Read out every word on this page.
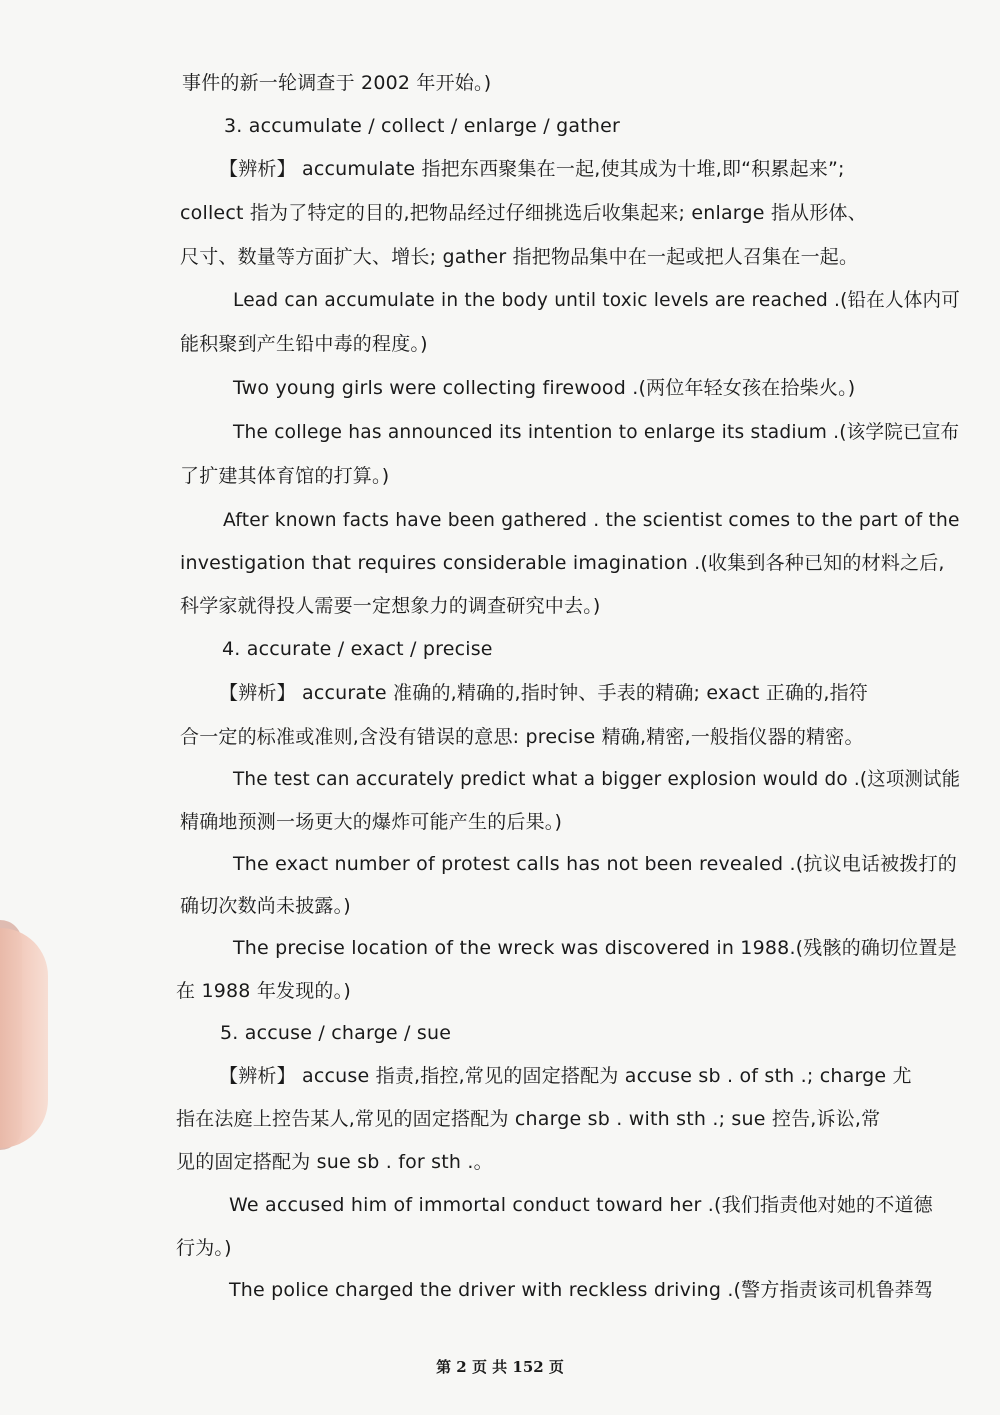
事件的新一轮调查于 2002 年开始。)
3. accumulate / collect / enlarge / gather
【辨析】 accumulate 指把东西聚集在一起,使其成为十堆,即“积累起来”;
collect 指为了特定的目的,把物品经过仔细挑选后收集起来; enlarge 指从形体、
尺寸、数量等方面扩大、增长; gather 指把物品集中在一起或把人召集在一起。
Lead can accumulate in the body until toxic levels are reached .(铅在人体内可
能积聚到产生铅中毒的程度。)
Two young girls were collecting firewood .(两位年轻女孩在拾柴火。)
The college has announced its intention to enlarge its stadium .(该学院已宣布
了扩建其体育馆的打算。)
After known facts have been gathered . the scientist comes to the part of the
investigation that requires considerable imagination .(收集到各种已知的材料之后,
科学家就得投人需要一定想象力的调查研究中去。)
4. accurate / exact / precise
【辨析】 accurate 准确的,精确的,指时钟、手表的精确; exact 正确的,指符
合一定的标准或准则,含没有错误的意思: precise 精确,精密,一般指仪器的精密。
The test can accurately predict what a bigger explosion would do .(这项测试能
精确地预测一场更大的爆炸可能产生的后果。)
The exact number of protest calls has not been revealed .(抗议电话被拨打的
确切次数尚未披露。)
The precise location of the wreck was discovered in 1988.(残骸的确切位置是
在 1988 年发现的。)
5. accuse / charge / sue
【辨析】 accuse 指责,指控,常见的固定搭配为 accuse sb . of sth .; charge 尤
指在法庭上控告某人,常见的固定搭配为 charge sb . with sth .; sue 控告,诉讼,常
见的固定搭配为 sue sb . for sth .。
We accused him of immortal conduct toward her .(我们指责他对她的不道德
行为。)
The police charged the driver with reckless driving .(警方指责该司机鲁莽驾
第 2 页 共 152 页
